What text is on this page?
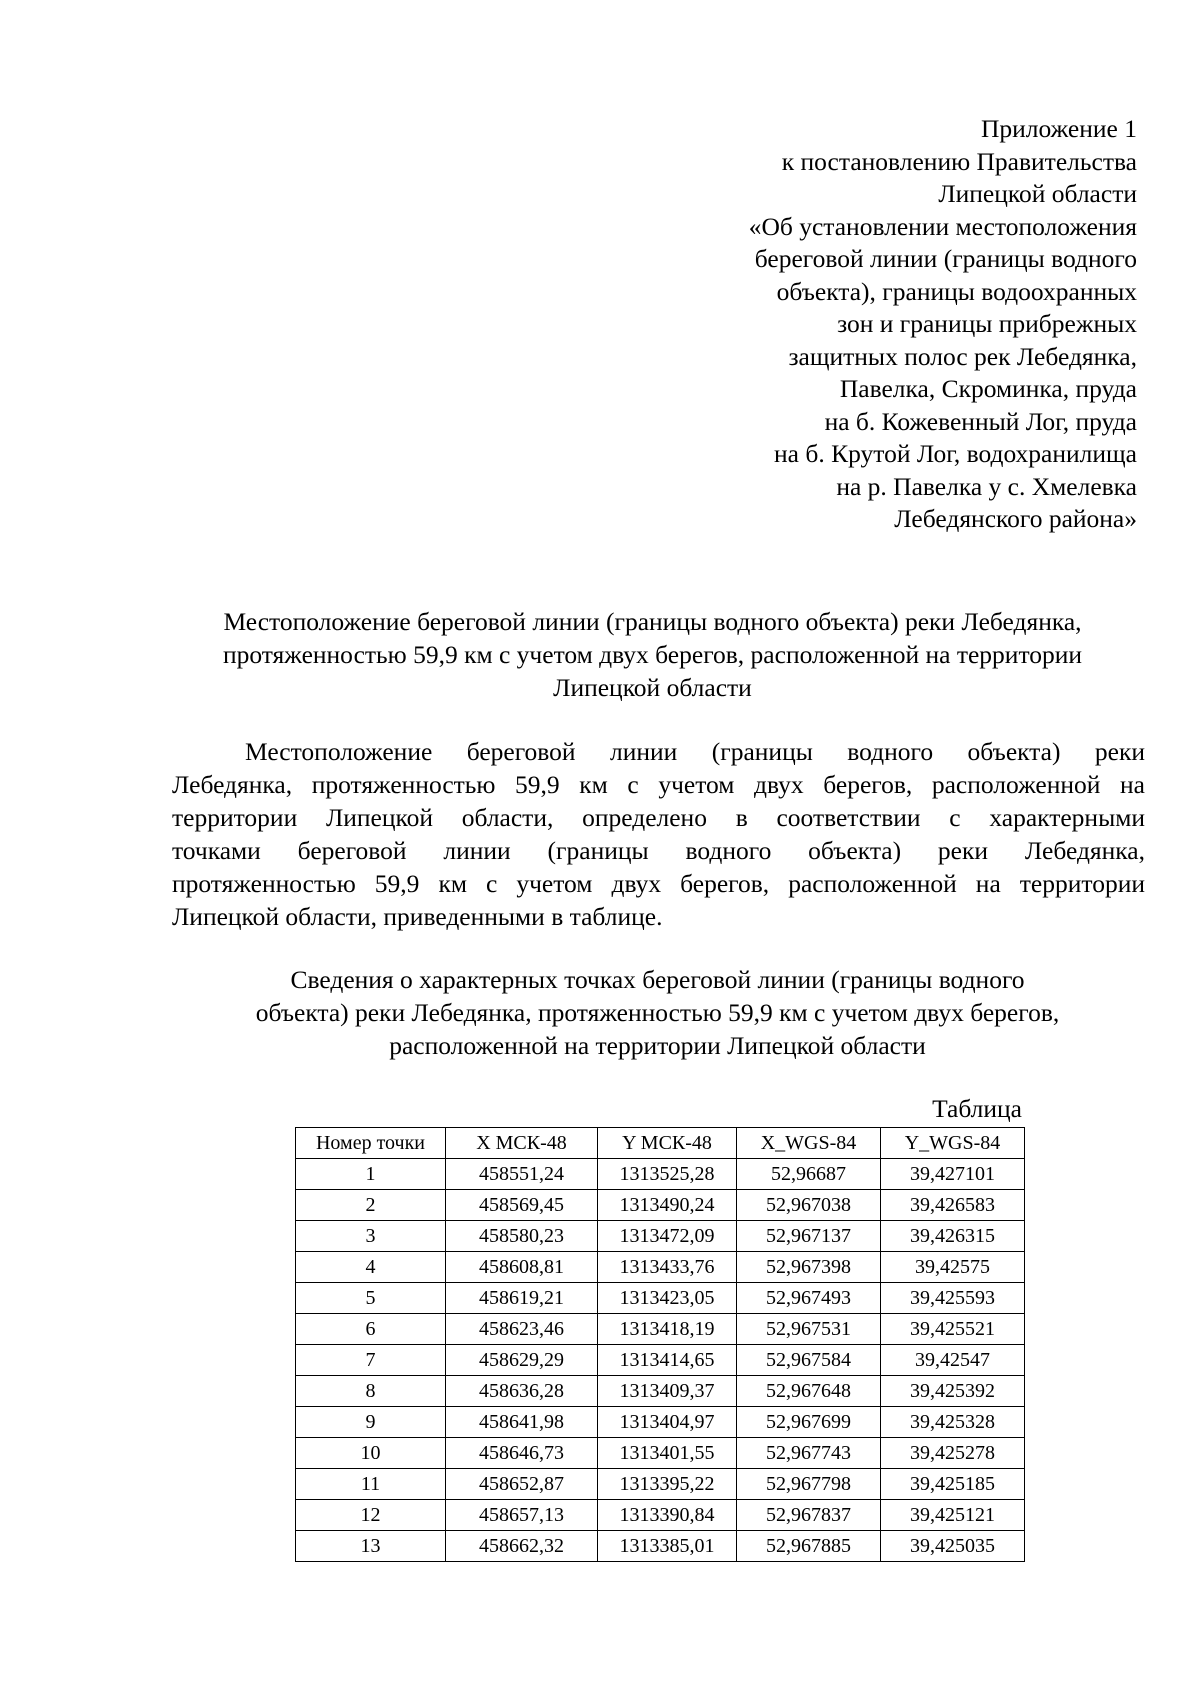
Приложение 1
к постановлению Правительства
Липецкой области
«Об установлении местоположения
береговой линии (границы водного
объекта), границы водоохранных
зон и границы прибрежных
защитных полос рек Лебедянка,
Павелка, Скроминка, пруда
на б. Кожевенный Лог, пруда
на б. Крутой Лог, водохранилища
на р. Павелка у с. Хмелевка
Лебедянского района»
Местоположение береговой линии (границы водного объекта) реки Лебедянка,
протяженностью 59,9 км с учетом двух берегов, расположенной на территории
Липецкой области
Местоположение береговой линии (границы водного объекта) реки
Лебедянка, протяженностью 59,9 км с учетом двух берегов, расположенной на
территории Липецкой области, определено в соответствии с характерными
точками береговой линии (границы водного объекта) реки Лебедянка,
протяженностью 59,9 км с учетом двух берегов, расположенной на территории
Липецкой области, приведенными в таблице.
Сведения о характерных точках береговой линии (границы водного
объекта) реки Лебедянка, протяженностью 59,9 км с учетом двух берегов,
расположенной на территории Липецкой области
Таблица
Номер точки	X МСК-48	Y МСК-48	X_WGS-84	Y_WGS-84
1	458551,24	1313525,28	52,96687	39,427101
2	458569,45	1313490,24	52,967038	39,426583
3	458580,23	1313472,09	52,967137	39,426315
4	458608,81	1313433,76	52,967398	39,42575
5	458619,21	1313423,05	52,967493	39,425593
6	458623,46	1313418,19	52,967531	39,425521
7	458629,29	1313414,65	52,967584	39,42547
8	458636,28	1313409,37	52,967648	39,425392
9	458641,98	1313404,97	52,967699	39,425328
10	458646,73	1313401,55	52,967743	39,425278
11	458652,87	1313395,22	52,967798	39,425185
12	458657,13	1313390,84	52,967837	39,425121
13	458662,32	1313385,01	52,967885	39,425035
